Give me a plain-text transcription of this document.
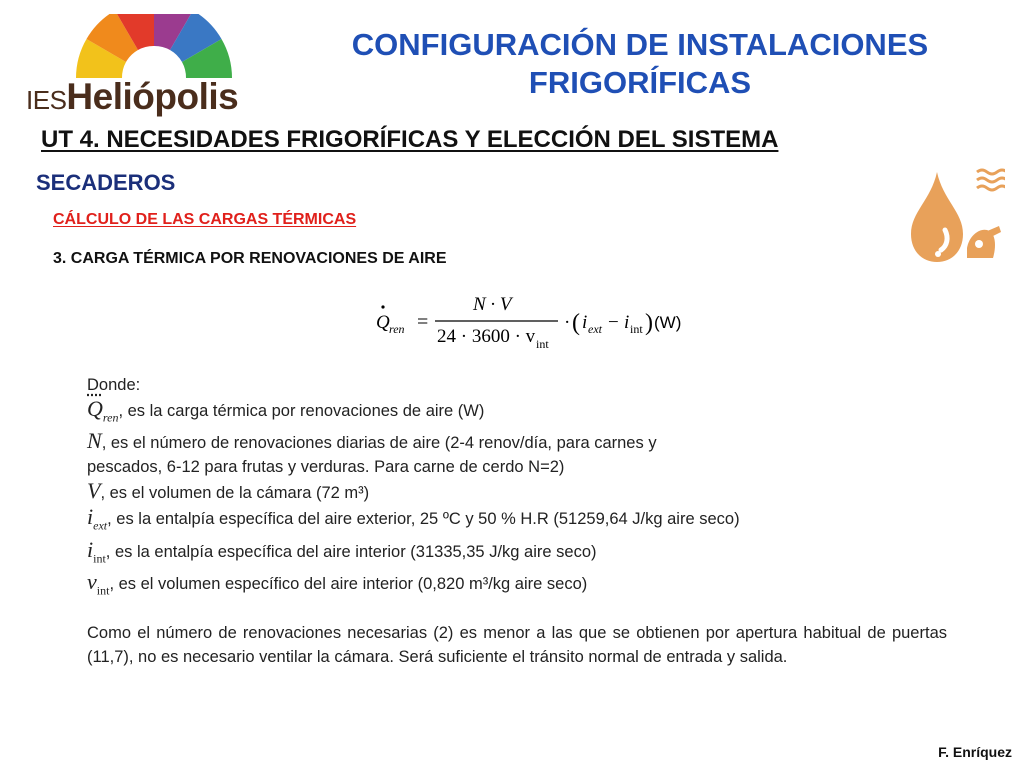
IESHeliópolis
CONFIGURACIÓN DE INSTALACIONES
FRIGORÍFICAS
UT 4. NECESIDADES FRIGORÍFICAS Y ELECCIÓN DEL SISTEMA
SECADEROS
CÁLCULO DE LAS CARGAS TÉRMICAS
3. CARGA TÉRMICA POR RENOVACIONES DE AIRE
Q ren =
N · V
24 · 3600 · v int
· ( i ext − i int ) (W)
Donde:
$Q_{ren}$, es la carga térmica por renovaciones de aire (W)
N, es el número de renovaciones diarias de aire (2-4 renov/día, para carnes y
pescados, 6-12 para frutas y verduras. Para carne de cerdo N=2)
V, es el volumen de la cámara (72 m³)
$i_{ext}$, es la entalpía específica del aire exterior, 25 ºC y 50 % H.R (51259,64 J/kg aire seco)
$i_{int}$, es la entalpía específica del aire interior (31335,35 J/kg aire seco)
$v_{int}$, es el volumen específico del aire interior (0,820 m³/kg aire seco)
Como el número de renovaciones necesarias (2) es menor a las que se obtienen por apertura habitual de puertas (11,7), no es necesario ventilar la cámara. Será suficiente el tránsito normal de entrada y salida.
F. Enríquez
